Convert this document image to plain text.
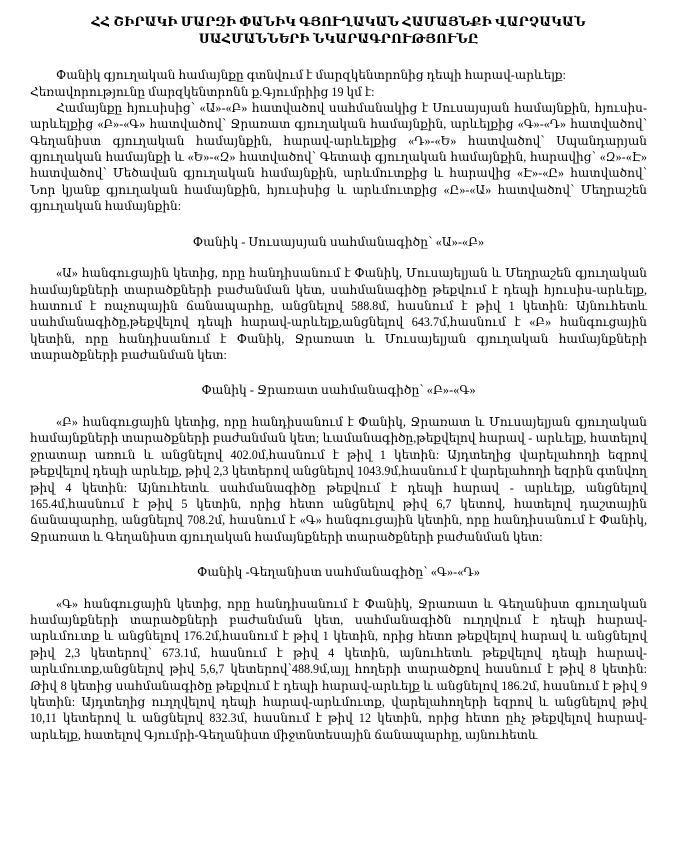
ՀՀ ՇԻՐԱԿԻ ՄԱՐԶԻ ՓԱՆԻԿ ԳՅՈՒՂԱԿԱՆ ՀԱՄԱՅՆՔԻ ՎԱՐՉԱԿԱՆ
ՍԱՀՄԱՆՆԵՐԻ ՆԿԱՐԱԳՐՈՒԹՅՈՒՆԸ

Փանիկ գյուղական համայնքը գտնվում է մարզկենտրոնից դեպի հարավ-արևելք:

Հեռավորությունը մարզկենտրոնն ք.Գյումրիից 19 կմ է:

Համայնքը հյուսիսից՝ «Ա»-«Բ» հատվածով սահմանակից է Սուսայսյան համայնքին, հյուսիս-արևելքից «Բ»-«Գ» հատվածով՝ Ջրառատ գյուղական համայնքին, արևելքից «Գ»-«Դ» հատվածով՝ Գեղանիստ գյուղական համայնքին, հարավ-արևելքից «Դ»-«Ե» հատվածով՝ Սպանդարյան գյուղական համայնքի և «Ե»-«Զ» հատվածով՝ Գետափ գյուղական համայնքին, հարավից՝ «Զ»-«Է» հատվածով՝ Մեծավան գյուղական համայնքին, արևմուտքից և հարավից «Է»-«Ը» հատվածով՝ Նոր կյանք գյուղական համայնքին, հյուսիսից և արևմուտքից «Ը»-«Ա» հատվածով՝ Մեղրաշեն գյուղական համայնքին:

Փանիկ - Սուսայսյան սահմանագիծը՝ «Ա»-«Բ»

«Ա» հանգուցային կետից, որը հանդիսանում է Փանիկ, Մուսայելյան և Մեղրաշեն գյուղական համայնքների տարածքների բաժանման կետ, սահմանագիծը թեքվում է դեպի հյուսիս-արևելք, հատում է ռաչոպային ճանապարհը, անցնելով 588.8մ, հասնում է թիվ 1 կետին: Այնուհետև սահմանագիծը,թեքվելով դեպի հարավ-արևելք,անցնելով 643.7մ,հասնում է «Բ» հանգուցային կետին, որը հանդիսանում է Փանիկ, Ջրառատ և Մուսայելյան գյուղական համայնքների տարածքների բաժանման կետ:

Փանիկ - Ջրառատ սահմանագիծը՝ «Բ»-«Գ»

«Բ» հանգուցային կետից, որը հանդիսանում է Փանիկ, Ջրառատ և Մուսայելյան գյուղական համայնքների տարածքների բաժանման կետ; ևամանագիծը,թեքվելով հարավ - արևելք, հատելով ջրատար առուն և անցնելով 402.0մ,հասնում է թիվ 1 կետին: Այդտեղից վարելահողի եզրով թեքվելով դեպի արևելք, թիվ 2,3 կետերով անցնելով 1043.9մ,հասնում է վարելահողի եզրին գտնվող թիվ 4 կետին: Այնուհետև սահմանագիծը թեքվում է դեպի հարավ - արևելք, անցնելով 165.4մ,հասնում է թիվ 5 կետին, որից հետո անցնելով թիվ 6,7 կետով, հատելով դաշտային ճանապարհը, անցնելով 708.2մ, հասնում է «Գ» հանգուցային կետին, որը հանդիսանում է Փանիկ, Ջրառատ և Գեղանիստ գյուղական համայնքների տարածքների բաժանման կետ:

Փանիկ -Գեղանիստ սահմանագիծը՝ «Գ»-«Դ»

«Գ» հանգուցային կետից, որը հանդիսանում է Փանիկ, Ջրառատ և Գեղանիստ գյուղական համայնքների տարածքների բաժանման կետ, սահմանագիծն ուղղվում է դեպի հարավ-արևմուտք և անցնելով 176.2մ,հասնում է թիվ 1 կետին, որից հետո թեքվելով հարավ և անցնելով թիվ 2,3 կետերով՝ 673.1մ, հասնում է թիվ 4 կետին, այնուհետև թեքվելով դեպի հարավ-արևմուտք,անցնելով թիվ 5,6,7 կետերով՝488.9մ,այլ հողերի տարածքով հասնում է թիվ 8 կետին: Թիվ 8 կետից սահմանագիծը թեքվում է դեպի հարավ-արևելք և անցնելով 186.2մ, հասնում է թիվ 9 կետին: Այդտեղից ուղղվելով դեպի հարավ-արևմուտք, վարելահողերի եզրով և անցնելով թիվ 10,11 կետերով և անցնելով 832.3մ, հասնում է թիվ 12 կետին, որից հետո ըհչ թեքվելով հարավ-արևելք, հատելով Գյումրի-Գեղանիստ միջտնտեսային ճանապարհը, այնուհետև
